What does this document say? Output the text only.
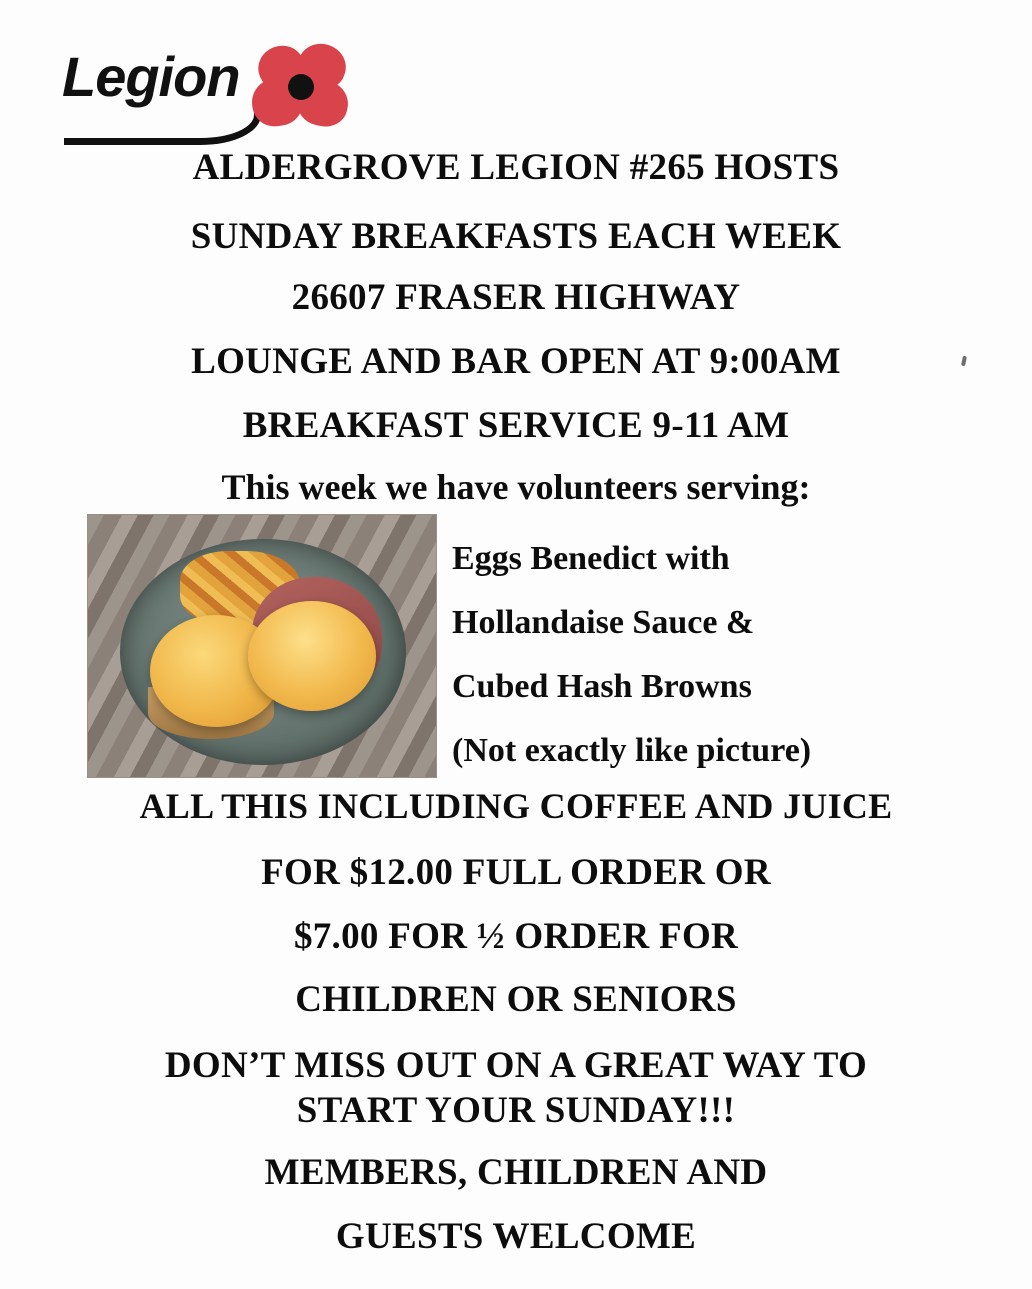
Legion
ALDERGROVE LEGION #265 HOSTS
SUNDAY BREAKFASTS EACH WEEK
26607 FRASER HIGHWAY
LOUNGE AND BAR OPEN AT 9:00AM
BREAKFAST SERVICE 9-11 AM
This week we have volunteers serving:
Eggs Benedict with
Hollandaise Sauce &
Cubed Hash Browns
(Not exactly like picture)
ALL THIS INCLUDING COFFEE AND JUICE
FOR $12.00 FULL ORDER OR
$7.00 FOR ½ ORDER FOR
CHILDREN OR SENIORS
DON’T MISS OUT ON A GREAT WAY TO
START YOUR SUNDAY!!!
MEMBERS, CHILDREN AND
GUESTS WELCOME
